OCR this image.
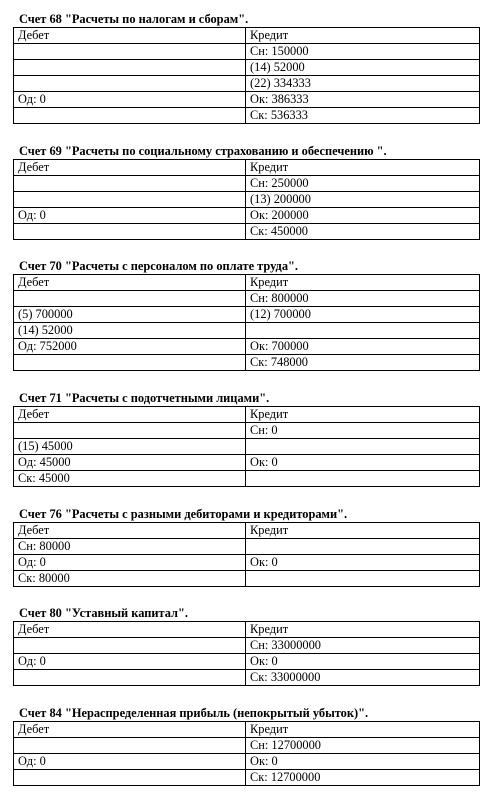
Счет 68 "Расчеты по налогам и сборам".
Дебет	Кредит
	Сн: 150000
	(14) 52000
	(22) 334333
Од: 0	Ок: 386333
	Ск: 536333
Счет 69 "Расчеты по социальному страхованию и обеспечению ".
Дебет	Кредит
	Сн: 250000
	(13) 200000
Од: 0	Ок: 200000
	Ск: 450000
Счет 70 "Расчеты с персоналом по оплате труда".
Дебет	Кредит
	Сн: 800000
(5) 700000	(12) 700000
(14) 52000	
Од: 752000	Ок: 700000
	Ск: 748000
Счет 71 "Расчеты с подотчетными лицами".
Дебет	Кредит
	Сн: 0
(15) 45000	
Од: 45000	Ок: 0
Ск: 45000	
Счет 76 "Расчеты с разными дебиторами и кредиторами".
Дебет	Кредит
Сн: 80000	
Од: 0	Ок: 0
Ск: 80000	
Счет 80 "Уставный капитал".
Дебет	Кредит
	Сн: 33000000
Од: 0	Ок: 0
	Ск: 33000000
Счет 84 "Нераспределенная прибыль (непокрытый убыток)".
Дебет	Кредит
	Сн: 12700000
Од: 0	Ок: 0
	Ск: 12700000
